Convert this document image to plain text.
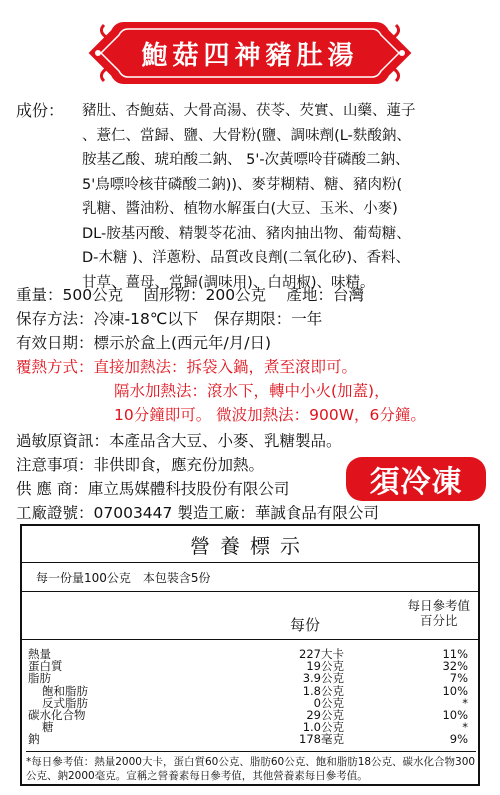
鮑菇四神豬肚湯
成份： 豬肚、杏鮑菇、大骨高湯、茯苓、芡實、山藥、蓮子
、薏仁、當歸、鹽、大骨粉(鹽、調味劑(L-麩酸鈉、
胺基乙酸、琥珀酸二鈉、 5'-次黃嘌呤苷磷酸二鈉、
5'鳥嘌呤核苷磷酸二鈉))、麥芽糊精、糖、豬肉粉(
乳糖、醬油粉、植物水解蛋白(大豆、玉米、小麥)
DL-胺基丙酸、精製苓花油、豬肉抽出物、葡萄糖、
D-木糖 )、洋蔥粉、品質改良劑(二氧化矽)、香料、
甘草、薑母、當歸(調味用)、白胡椒)、味精。
重量：500公克　 固形物：200公克　 產地：台灣
保存方法：冷凍-18℃以下　保存期限：一年
有效日期：標示於盒上(西元年/月/日)
覆熱方式：直接加熱法：拆袋入鍋，煮至滾即可。
隔水加熱法：滾水下，轉中小火(加蓋)，
10分鐘即可。 微波加熱法：900W，6分鐘。
過敏原資訊：本產品含大豆、小麥、乳糖製品。
注意事項：非供即食，應充份加熱。
供 應 商：庫立馬媒體科技股份有限公司
工廠證號：07003447 製造工廠：華誠食品有限公司
須冷凍
營養標示
每一份量100公克　本包裝含5份
每份
每日參考值
百分比
熱量	227大卡	11%
蛋白質	19公克	32%
脂肪	3.9公克	7%
飽和脂肪	1.8公克	10%
反式脂肪	0公克	*
碳水化合物	29公克	10%
糖	1.0公克	*
鈉	178毫克	9%
*每日參考值：熱量2000大卡，蛋白質60公克、脂肪60公克、飽和脂肪18公克、碳水化合物300公克、鈉2000毫克。宣稱之營養素每日參考值，其他營養素每日參考值。
